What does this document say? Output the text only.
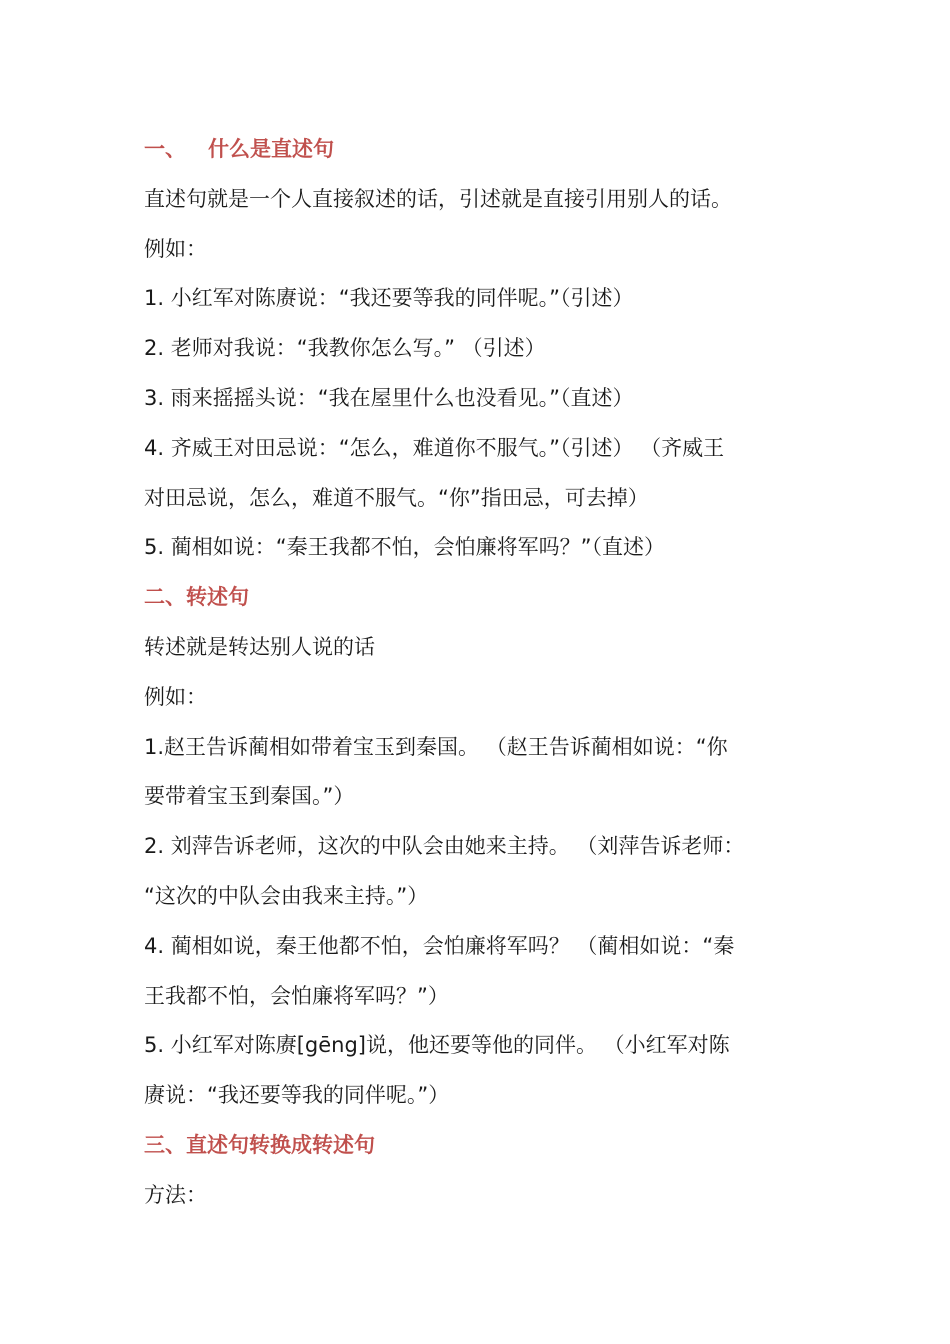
一、 什么是直述句
直述句就是一个人直接叙述的话，引述就是直接引用别人的话。
例如：
1. 小红军对陈赓说：“我还要等我的同伴呢。”（引述）
2. 老师对我说：“我教你怎么写。” （引述）
3. 雨来摇摇头说：“我在屋里什么也没看见。”（直述）
4. 齐威王对田忌说：“怎么，难道你不服气。”（引述） （齐威王
对田忌说，怎么，难道不服气。“你”指田忌，可去掉）
5. 蔺相如说：“秦王我都不怕，会怕廉将军吗？”（直述）
二、转述句
转述就是转达别人说的话
例如：
1.赵王告诉蔺相如带着宝玉到秦国。 （赵王告诉蔺相如说：“你
要带着宝玉到秦国。”）
2. 刘萍告诉老师，这次的中队会由她来主持。 （刘萍告诉老师：
“这次的中队会由我来主持。”）
4. 蔺相如说，秦王他都不怕，会怕廉将军吗？ （蔺相如说：“秦
王我都不怕，会怕廉将军吗？”）
5. 小红军对陈赓[gēng]说，他还要等他的同伴。 （小红军对陈
赓说：“我还要等我的同伴呢。”）
三、直述句转换成转述句
方法：
